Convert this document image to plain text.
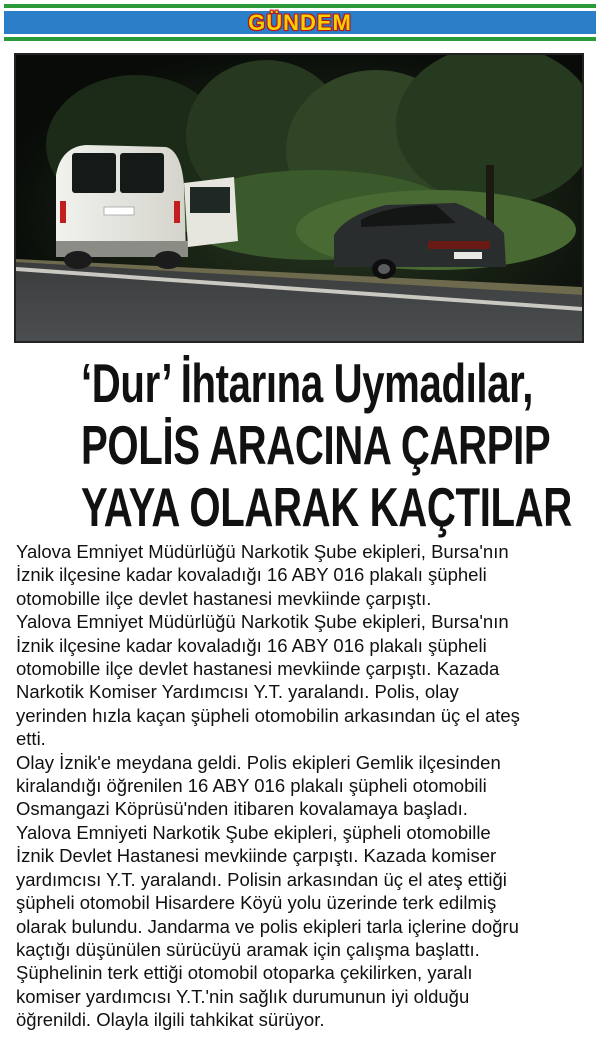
GÜNDEM
‘Dur’ İhtarına Uymadılar,
POLİS ARACINA ÇARPIP
YAYA OLARAK KAÇTILAR

Yalova Emniyet Müdürlüğü Narkotik Şube ekipleri, Bursa'nın

İznik ilçesine kadar kovaladığı 16 ABY 016 plakalı şüpheli

otomobille ilçe devlet hastanesi mevkiinde çarpıştı.

Yalova Emniyet Müdürlüğü Narkotik Şube ekipleri, Bursa'nın

İznik ilçesine kadar kovaladığı 16 ABY 016 plakalı şüpheli

otomobille ilçe devlet hastanesi mevkiinde çarpıştı. Kazada

Narkotik Komiser Yardımcısı Y.T. yaralandı. Polis, olay

yerinden hızla kaçan şüpheli otomobilin arkasından üç el ateş

etti.

Olay İznik'e meydana geldi. Polis ekipleri Gemlik ilçesinden

kiralandığı öğrenilen 16 ABY 016 plakalı şüpheli otomobili

Osmangazi Köprüsü'nden itibaren kovalamaya başladı.

Yalova Emniyeti Narkotik Şube ekipleri, şüpheli otomobille

İznik Devlet Hastanesi mevkiinde çarpıştı. Kazada komiser

yardımcısı Y.T. yaralandı. Polisin arkasından üç el ateş ettiği

şüpheli otomobil Hisardere Köyü yolu üzerinde terk edilmiş

olarak bulundu. Jandarma ve polis ekipleri tarla içlerine doğru

kaçtığı düşünülen sürücüyü aramak için çalışma başlattı.

Şüphelinin terk ettiği otomobil otoparka çekilirken, yaralı

komiser yardımcısı Y.T.'nin sağlık durumunun iyi olduğu

öğrenildi. Olayla ilgili tahkikat sürüyor.
